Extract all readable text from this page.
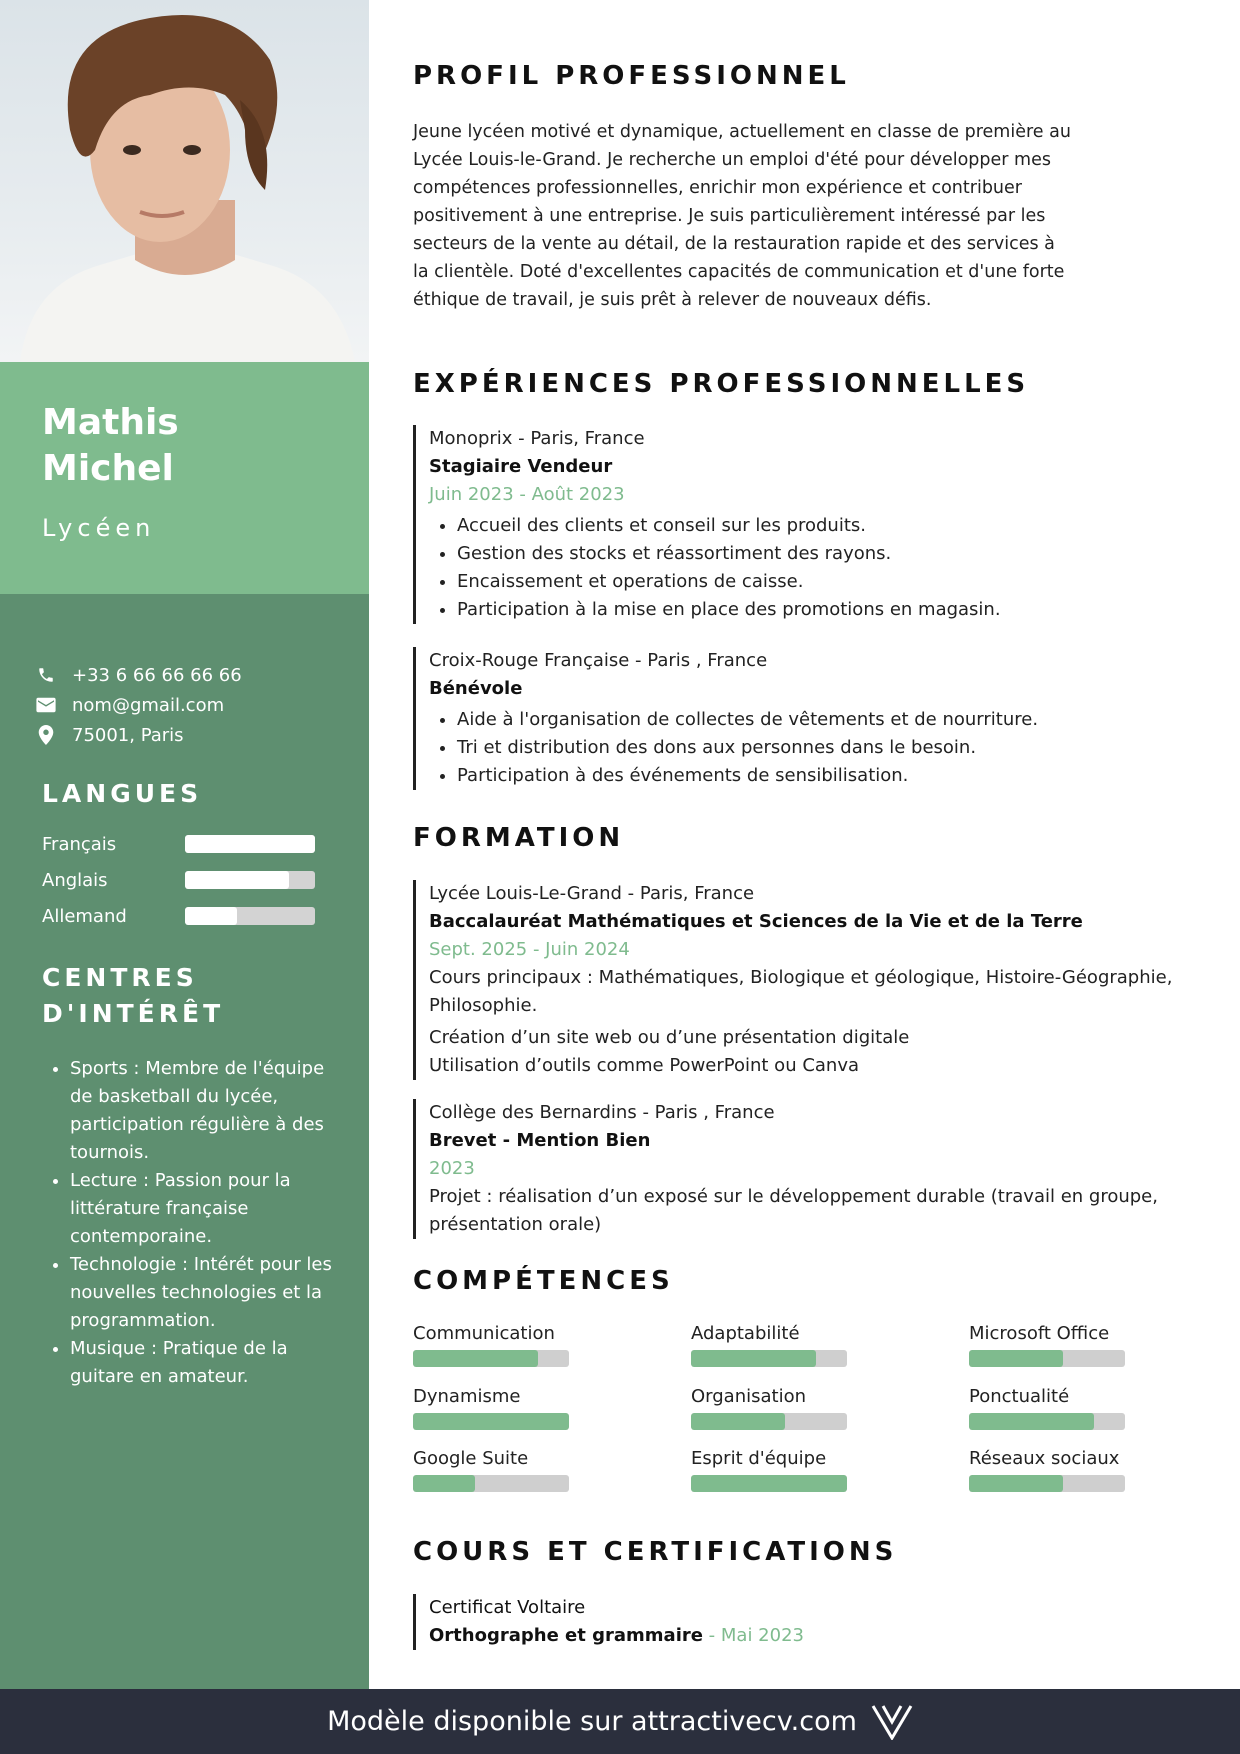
Mathis
Michel
Lycéen
+33 6 66 66 66 66
nom@gmail.com
75001, Paris
LANGUES
Français
Anglais
Allemand
CENTRES
D'INTÉRÊT
• Sports : Membre de l'équipe de basketball du lycée, participation régulière à des tournois.
• Lecture : Passion pour la littérature française contemporaine.
• Technologie : Intérét pour les nouvelles technologies et la programmation.
• Musique : Pratique de la guitare en amateur.
PROFIL PROFESSIONNEL
Jeune lycéen motivé et dynamique, actuellement en classe de première au Lycée Louis-le-Grand. Je recherche un emploi d'été pour développer mes compétences professionnelles, enrichir mon expérience et contribuer positivement à une entreprise. Je suis particulièrement intéressé par les secteurs de la vente au détail, de la restauration rapide et des services à la clientèle. Doté d'excellentes capacités de communication et d'une forte éthique de travail, je suis prêt à relever de nouveaux défis.
EXPÉRIENCES PROFESSIONNELLES
Monoprix - Paris, France
Stagiaire Vendeur
Juin 2023 - Août 2023
• Accueil des clients et conseil sur les produits.
• Gestion des stocks et réassortiment des rayons.
• Encaissement et operations de caisse.
• Participation à la mise en place des promotions en magasin.
Croix-Rouge Française - Paris , France
Bénévole
• Aide à l'organisation de collectes de vêtements et de nourriture.
• Tri et distribution des dons aux personnes dans le besoin.
• Participation à des événements de sensibilisation.
FORMATION
Lycée Louis-Le-Grand - Paris, France
Baccalauréat Mathématiques et Sciences de la Vie et de la Terre
Sept. 2025 - Juin 2024
Cours principaux : Mathématiques, Biologique et géologique, Histoire-Géographie,
Philosophie.
Création d’un site web ou d’une présentation digitale
Utilisation d’outils comme PowerPoint ou Canva
Collège des Bernardins - Paris , France
Brevet - Mention Bien
2023
Projet : réalisation d’un exposé sur le développement durable (travail en groupe,
présentation orale)
COMPÉTENCES
Communication	Adaptabilité	Microsoft Office
Dynamisme	Organisation	Ponctualité
Google Suite	Esprit d'équipe	Réseaux sociaux
COURS ET CERTIFICATIONS
Certificat Voltaire
Orthographe et grammaire - Mai 2023
Modèle disponible sur attractivecv.com
